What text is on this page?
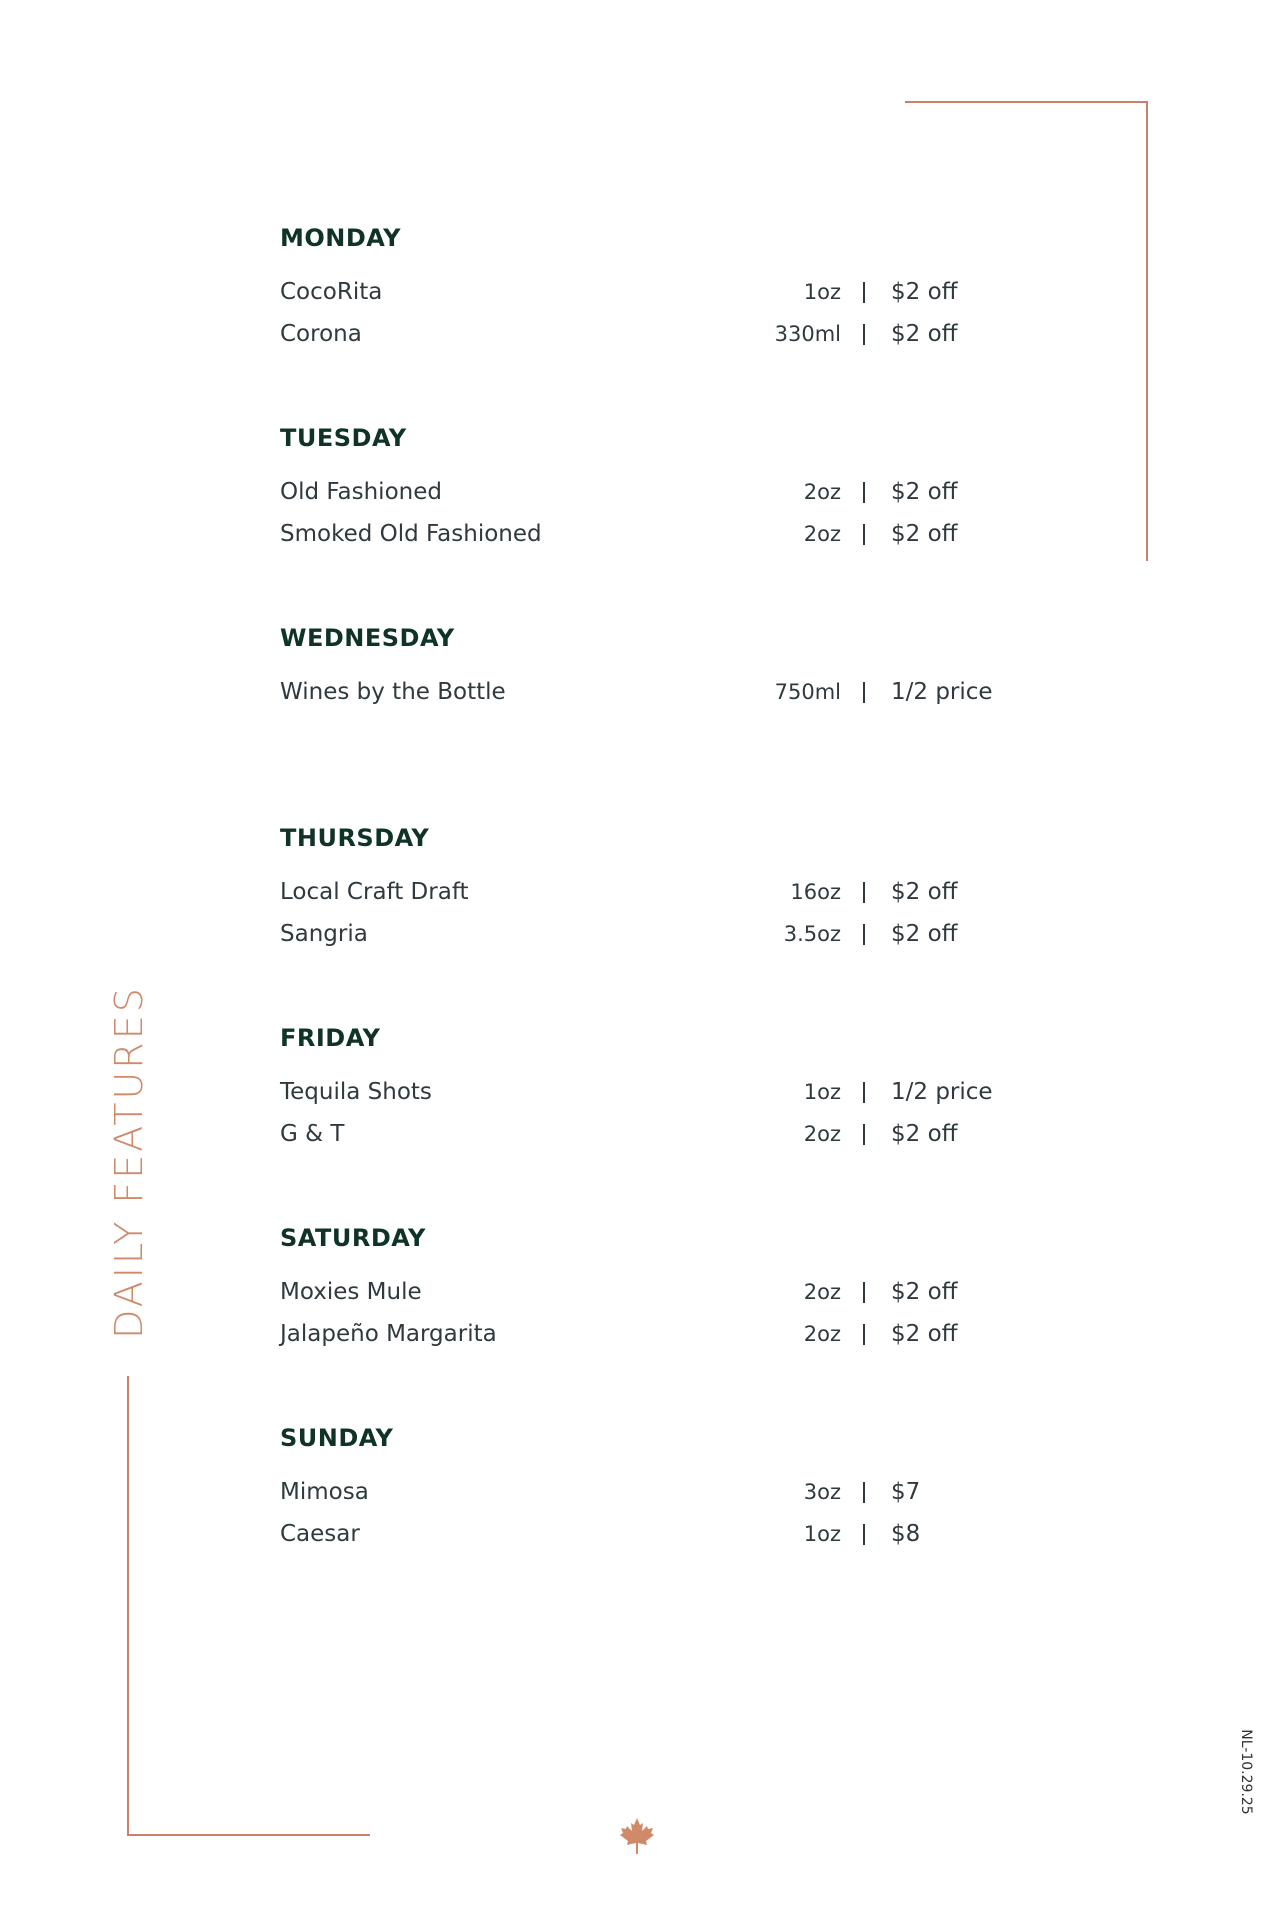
DAILY FEATURES
NL-10.29.25
MONDAY
CocoRita	1oz $2 off
Corona	330ml $2 off
TUESDAY
Old Fashioned	2oz $2 off
Smoked Old Fashioned	2oz $2 off
WEDNESDAY
Wines by the Bottle	750ml 1/2 price
THURSDAY
Local Craft Draft	16oz $2 off
Sangria	3.5oz $2 off
FRIDAY
Tequila Shots	1oz 1/2 price
G & T	2oz $2 off
SATURDAY
Moxies Mule	2oz $2 off
Jalapeño Margarita	2oz $2 off
SUNDAY
Mimosa	3oz $7
Caesar	1oz $8
